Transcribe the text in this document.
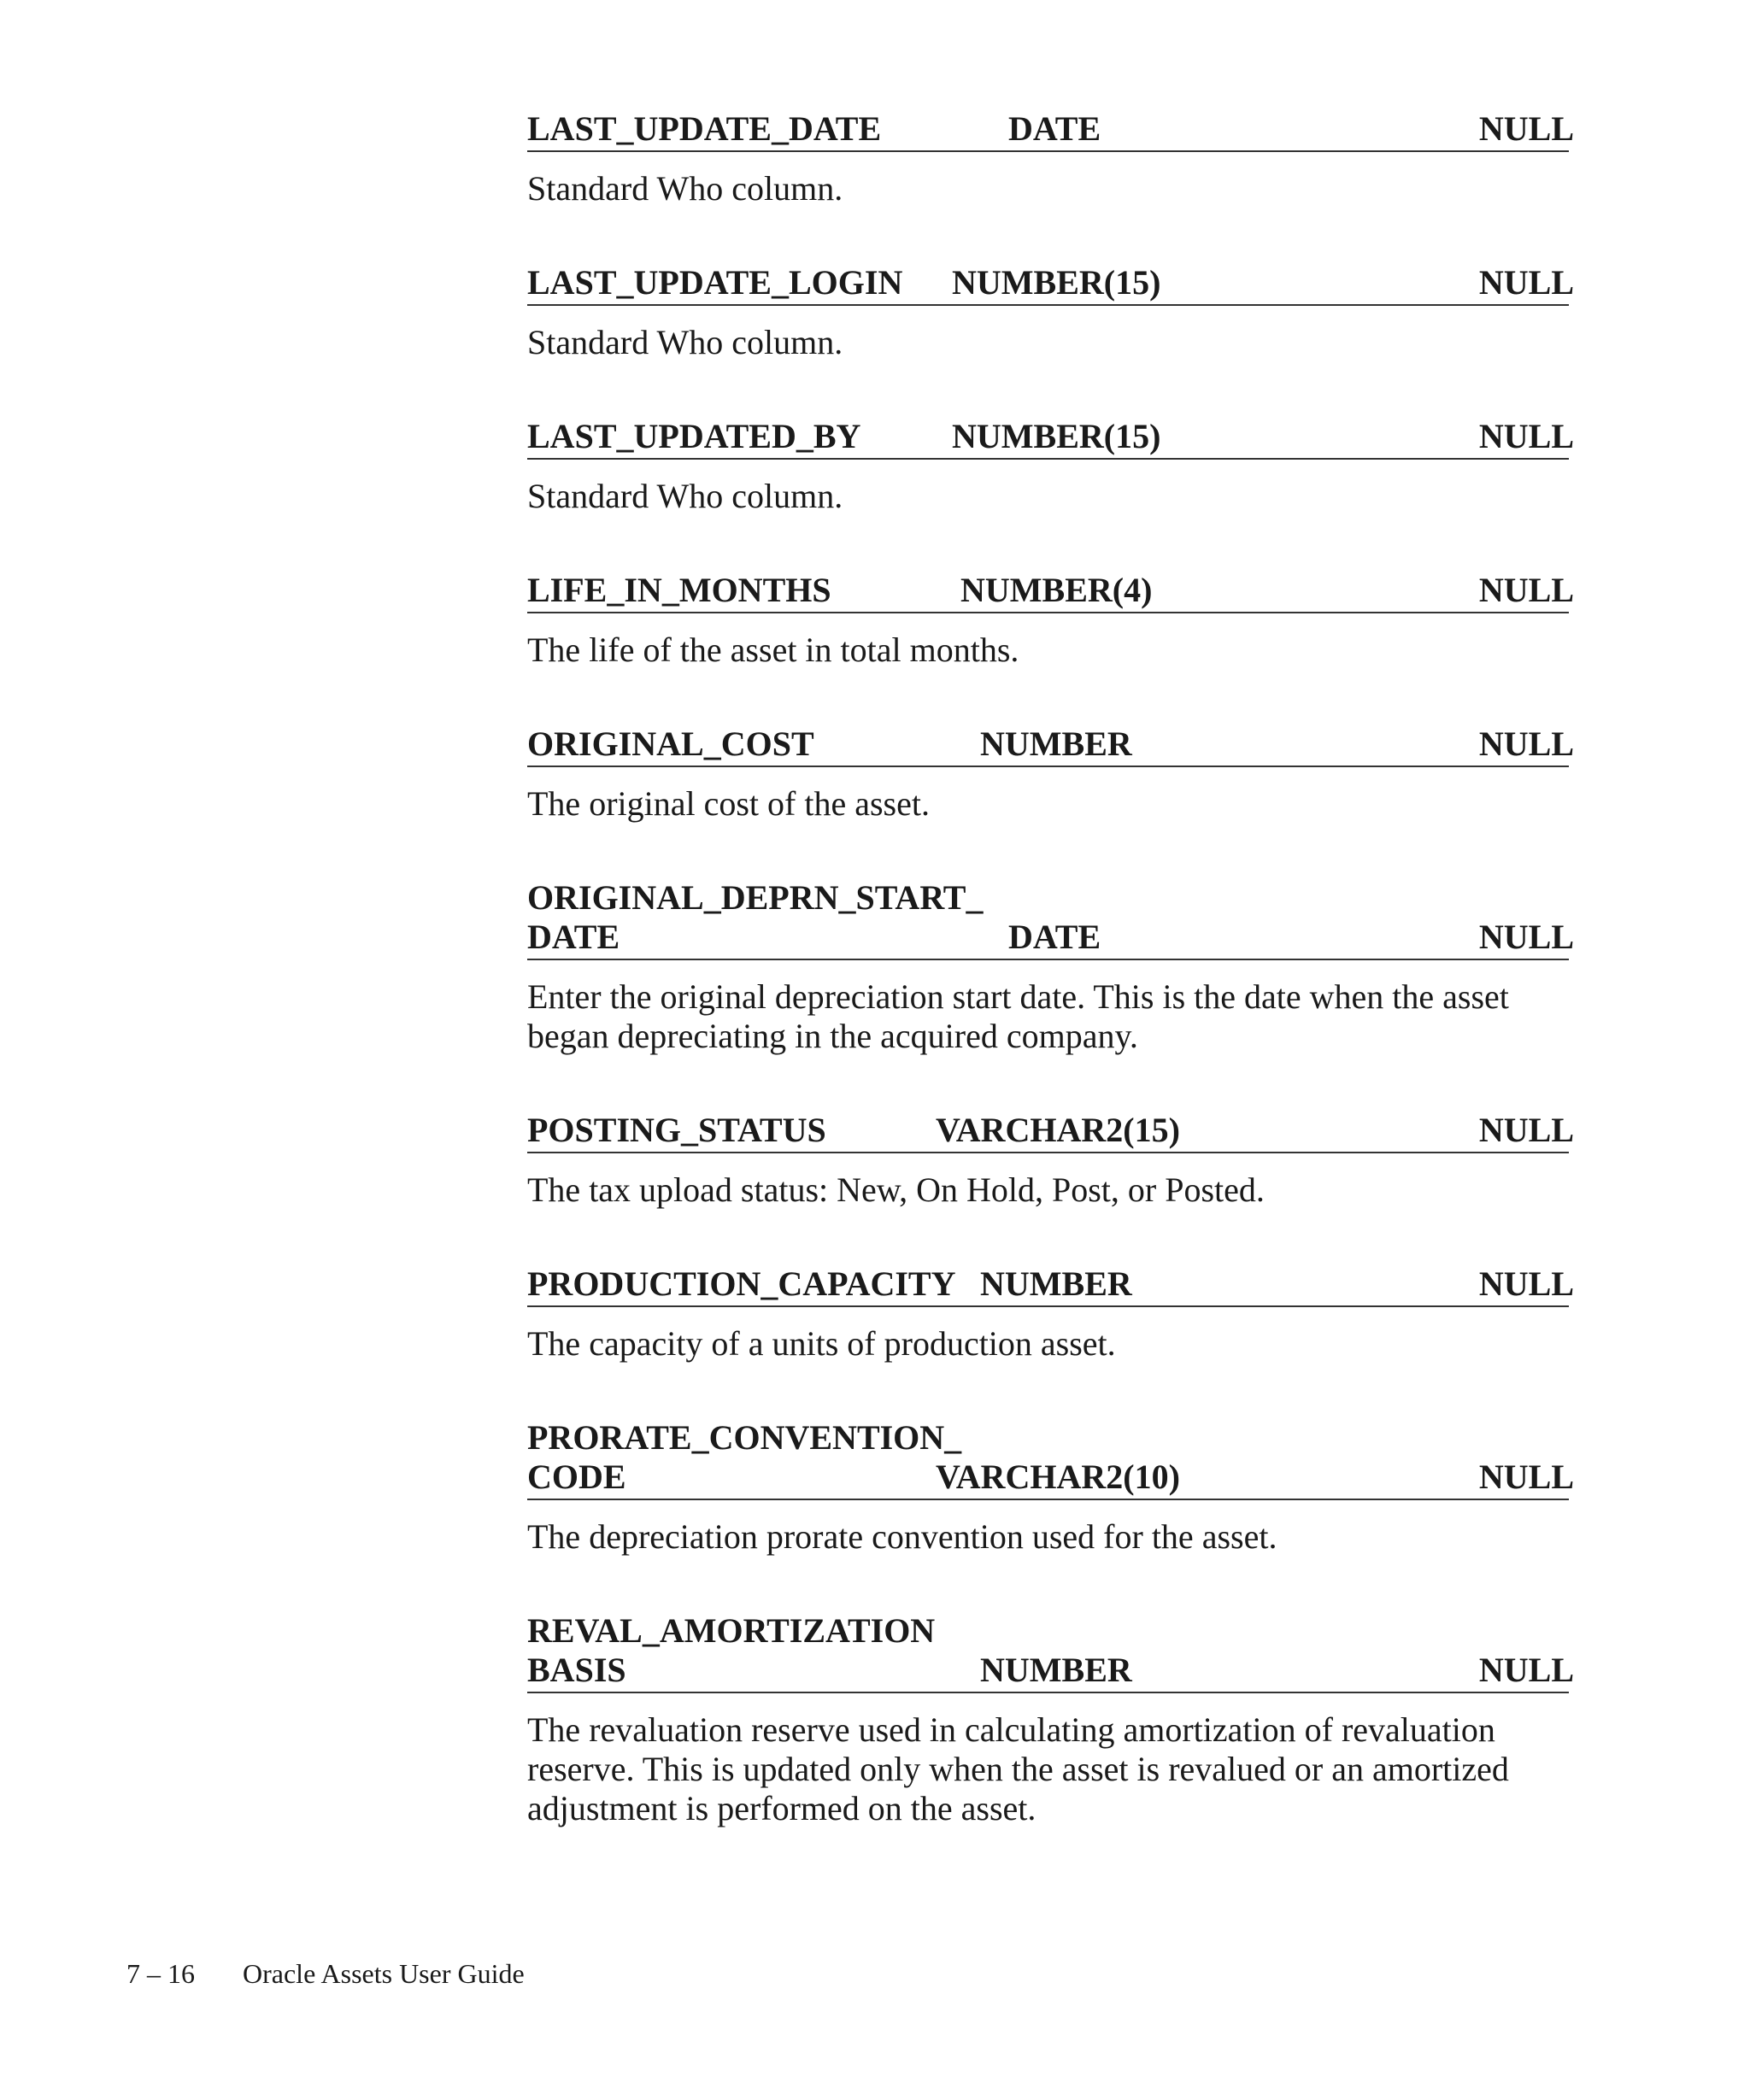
LAST_UPDATE_DATE	DATE	NULL
Standard Who column.
LAST_UPDATE_LOGIN	NUMBER(15)	NULL
Standard Who column.
LAST_UPDATED_BY	NUMBER(15)	NULL
Standard Who column.
LIFE_IN_MONTHS	NUMBER(4)	NULL
The life of the asset in total months.
ORIGINAL_COST	NUMBER	NULL
The original cost of the asset.
ORIGINAL_DEPRN_START_
DATE	DATE	NULL
Enter the original depreciation start date. This is the date when the asset began depreciating in the acquired company.
POSTING_STATUS	VARCHAR2(15)	NULL
The tax upload status: New, On Hold, Post, or Posted.
PRODUCTION_CAPACITY NUMBER	NULL
The capacity of a units of production asset.
PRORATE_CONVENTION_
CODE	VARCHAR2(10)	NULL
The depreciation prorate convention used for the asset.
REVAL_AMORTIZATION
BASIS	NUMBER	NULL
The revaluation reserve used in calculating amortization of revaluation reserve. This is updated only when the asset is revalued or an amortized adjustment is performed on the asset.
7 – 16 Oracle Assets User Guide
